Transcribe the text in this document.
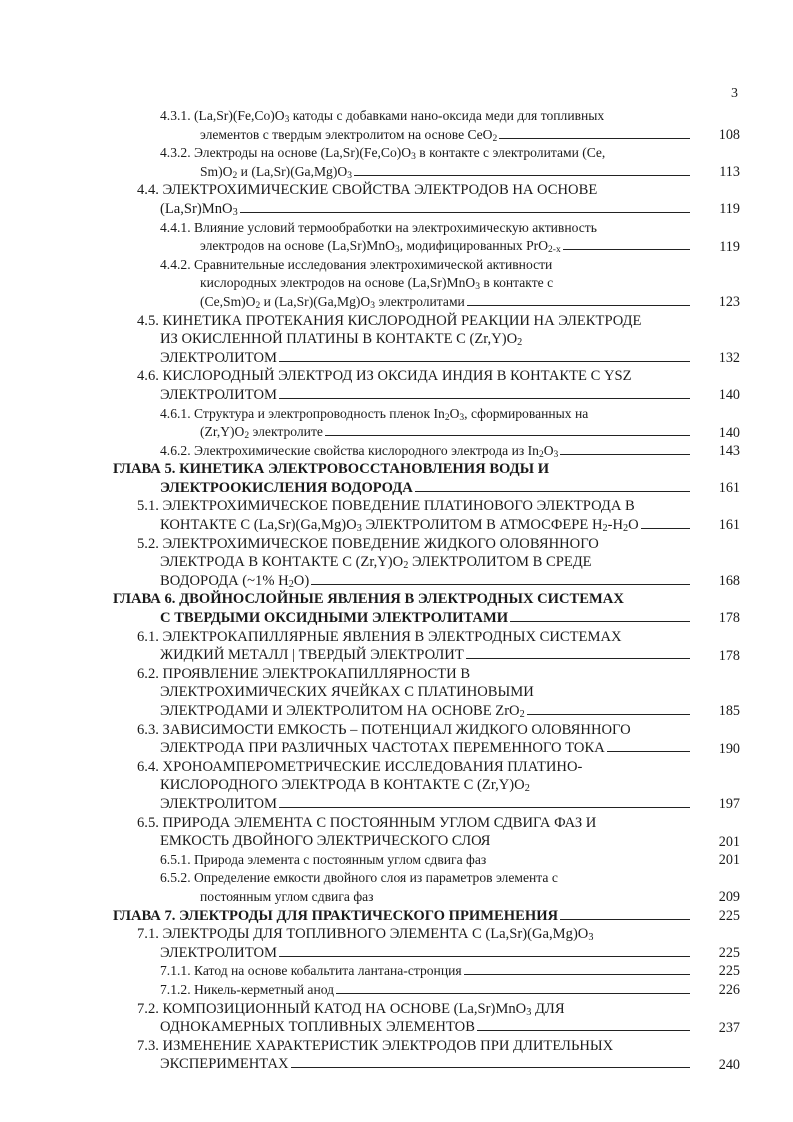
3
4.3.1. $(La,Sr)(Fe,Co)O_3$ катоды с добавками нано-оксида меди для топливных
элементов с твердым электролитом на основе CeO$_2$	108
4.3.2. Электроды на основе $(La,Sr)(Fe,Co)O_3$ в контакте с электролитами (Ce,
$Sm)O_2$ и $(La,Sr)(Ga,Mg)O_3$	113
4.4. ЭЛЕКТРОХИМИЧЕСКИЕ СВОЙСТВА ЭЛЕКТРОДОВ НА ОСНОВЕ
(La,Sr)MnO$_3$	119
4.4.1. Влияние условий термообработки на электрохимическую активность
электродов на основе (La,Sr)MnO$_3$, модифицированных PrO$_{2-x}$	119
4.4.2. Сравнительные исследования электрохимической активности
кислородных электродов на основе (La,Sr)MnO$_3$ в контакте с
$(Ce,Sm)O_2$ и $(La,Sr)(Ga,Mg)O_3$ электролитами	123
4.5. КИНЕТИКА ПРОТЕКАНИЯ КИСЛОРОДНОЙ РЕАКЦИИ НА ЭЛЕКТРОДЕ
ИЗ ОКИСЛЕННОЙ ПЛАТИНЫ В КОНТАКТЕ С $(Zr,Y)O_2$
ЭЛЕКТРОЛИТОМ	132
4.6. КИСЛОРОДНЫЙ ЭЛЕКТРОД ИЗ ОКСИДА ИНДИЯ В КОНТАКТЕ С YSZ
ЭЛЕКТРОЛИТОМ	140
4.6.1. Структура и электропроводность пленок $In_2O_3$, сформированных на
$(Zr,Y)O_2$ электролите	140
4.6.2. Электрохимические свойства кислородного электрода из $In_2O_3$	143
ГЛАВА 5. КИНЕТИКА ЭЛЕКТРОВОССТАНОВЛЕНИЯ ВОДЫ И
ЭЛЕКТРООКИСЛЕНИЯ ВОДОРОДА	161
5.1. ЭЛЕКТРОХИМИЧЕСКОЕ ПОВЕДЕНИЕ ПЛАТИНОВОГО ЭЛЕКТРОДА В
КОНТАКТЕ С $(La,Sr)(Ga,Mg)O_3$ ЭЛЕКТРОЛИТОМ В АТМОСФЕРЕ $H_2-H_2O$	161
5.2. ЭЛЕКТРОХИМИЧЕСКОЕ ПОВЕДЕНИЕ ЖИДКОГО ОЛОВЯННОГО
ЭЛЕКТРОДА В КОНТАКТЕ С $(Zr,Y)O_2$ ЭЛЕКТРОЛИТОМ В СРЕДЕ
ВОДОРОДА (~1% $H_2O$)	168
ГЛАВА 6. ДВОЙНОСЛОЙНЫЕ ЯВЛЕНИЯ В ЭЛЕКТРОДНЫХ СИСТЕМАХ
С ТВЕРДЫМИ ОКСИДНЫМИ ЭЛЕКТРОЛИТАМИ	178
6.1. ЭЛЕКТРОКАПИЛЛЯРНЫЕ ЯВЛЕНИЯ В ЭЛЕКТРОДНЫХ СИСТЕМАХ
ЖИДКИЙ МЕТАЛЛ | ТВЕРДЫЙ ЭЛЕКТРОЛИТ	178
6.2. ПРОЯВЛЕНИЕ ЭЛЕКТРОКАПИЛЛЯРНОСТИ В
ЭЛЕКТРОХИМИЧЕСКИХ ЯЧЕЙКАХ С ПЛАТИНОВЫМИ
ЭЛЕКТРОДАМИ И ЭЛЕКТРОЛИТОМ НА ОСНОВЕ ZrO$_2$	185
6.3. ЗАВИСИМОСТИ ЕМКОСТЬ – ПОТЕНЦИАЛ ЖИДКОГО ОЛОВЯННОГО
ЭЛЕКТРОДА ПРИ РАЗЛИЧНЫХ ЧАСТОТАХ ПЕРЕМЕННОГО ТОКА	190
6.4. ХРОНОАМПЕРОМЕТРИЧЕСКИЕ ИССЛЕДОВАНИЯ ПЛАТИНО-
КИСЛОРОДНОГО ЭЛЕКТРОДА В КОНТАКТЕ С $(Zr,Y)O_2$
ЭЛЕКТРОЛИТОМ	197
6.5. ПРИРОДА ЭЛЕМЕНТА С ПОСТОЯННЫМ УГЛОМ СДВИГА ФАЗ И
ЕМКОСТЬ ДВОЙНОГО ЭЛЕКТРИЧЕСКОГО СЛОЯ	201
6.5.1. Природа элемента с постоянным углом сдвига фаз	201
6.5.2. Определение емкости двойного слоя из параметров элемента с
постоянным углом сдвига фаз	209
ГЛАВА 7. ЭЛЕКТРОДЫ ДЛЯ ПРАКТИЧЕСКОГО ПРИМЕНЕНИЯ	225
7.1. ЭЛЕКТРОДЫ ДЛЯ ТОПЛИВНОГО ЭЛЕМЕНТА С $(La,Sr)(Ga,Mg)O_3$
ЭЛЕКТРОЛИТОМ	225
7.1.1. Катод на основе кобальтита лантана-стронция	225
7.1.2. Никель-керметный анод	226
7.2. КОМПОЗИЦИОННЫЙ КАТОД НА ОСНОВЕ (La,Sr)MnO$_3$ ДЛЯ
ОДНОКАМЕРНЫХ ТОПЛИВНЫХ ЭЛЕМЕНТОВ	237
7.3. ИЗМЕНЕНИЕ ХАРАКТЕРИСТИК ЭЛЕКТРОДОВ ПРИ ДЛИТЕЛЬНЫХ
ЭКСПЕРИМЕНТАХ	240
